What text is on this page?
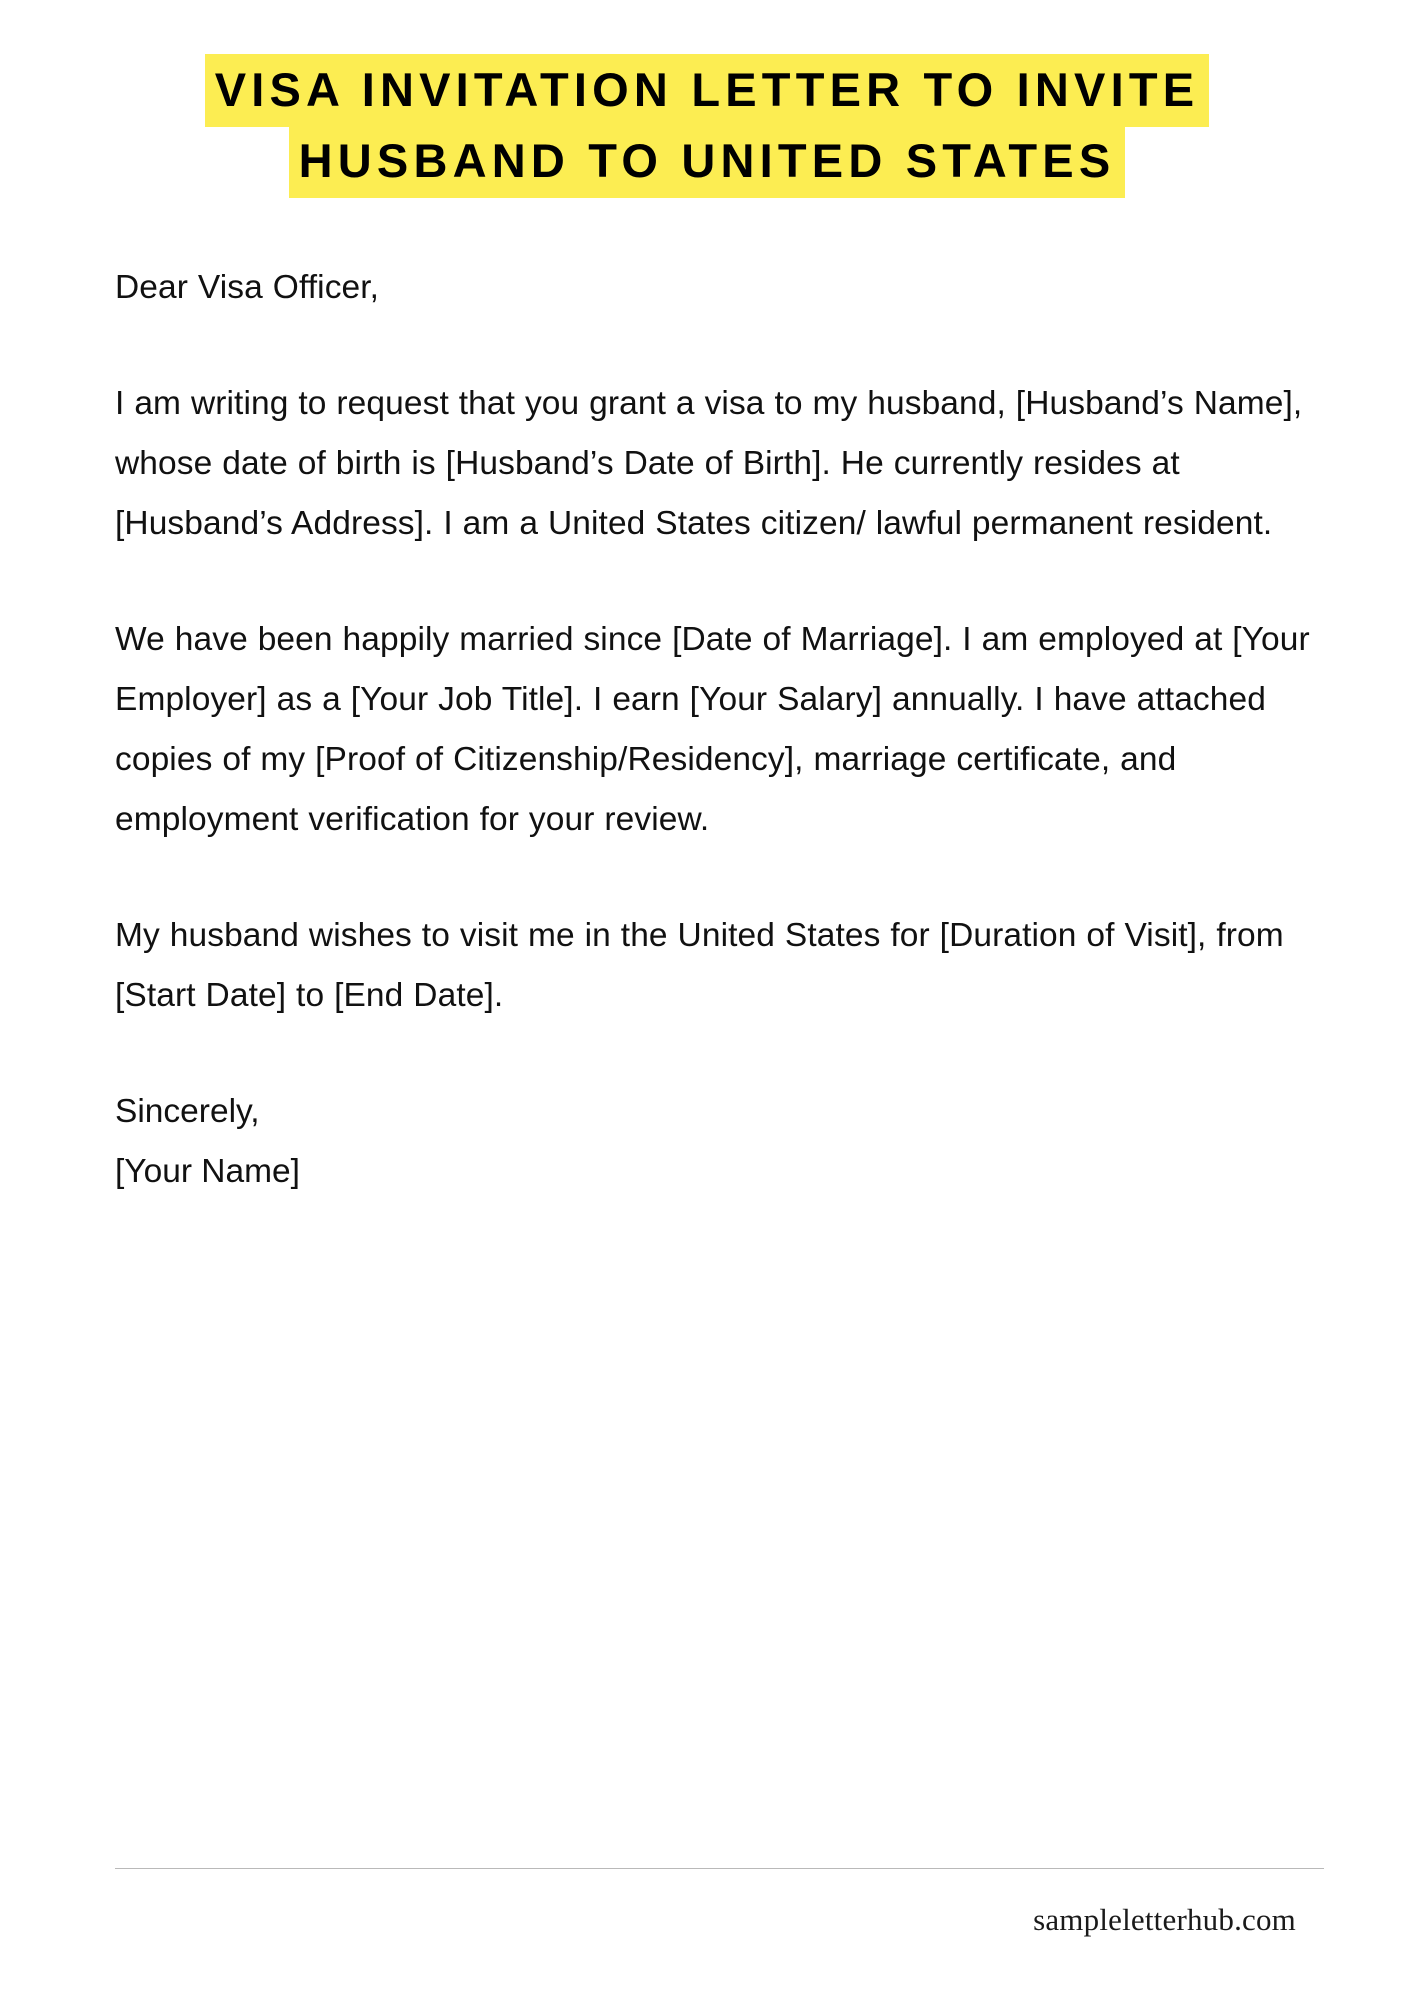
VISA INVITATION LETTER TO INVITE
HUSBAND TO UNITED STATES

Dear Visa Officer,

I am writing to request that you grant a visa to my husband, [Husband’s Name], whose date of birth is [Husband’s Date of Birth]. He currently resides at [Husband’s Address]. I am a United States citizen/ lawful permanent resident.

We have been happily married since [Date of Marriage]. I am employed at [Your Employer] as a [Your Job Title]. I earn [Your Salary] annually. I have attached copies of my [Proof of Citizenship/Residency], marriage certificate, and employment verification for your review.

My husband wishes to visit me in the United States for [Duration of Visit], from [Start Date] to [End Date].

Sincerely,

[Your Name]

sampleletterhub.com
